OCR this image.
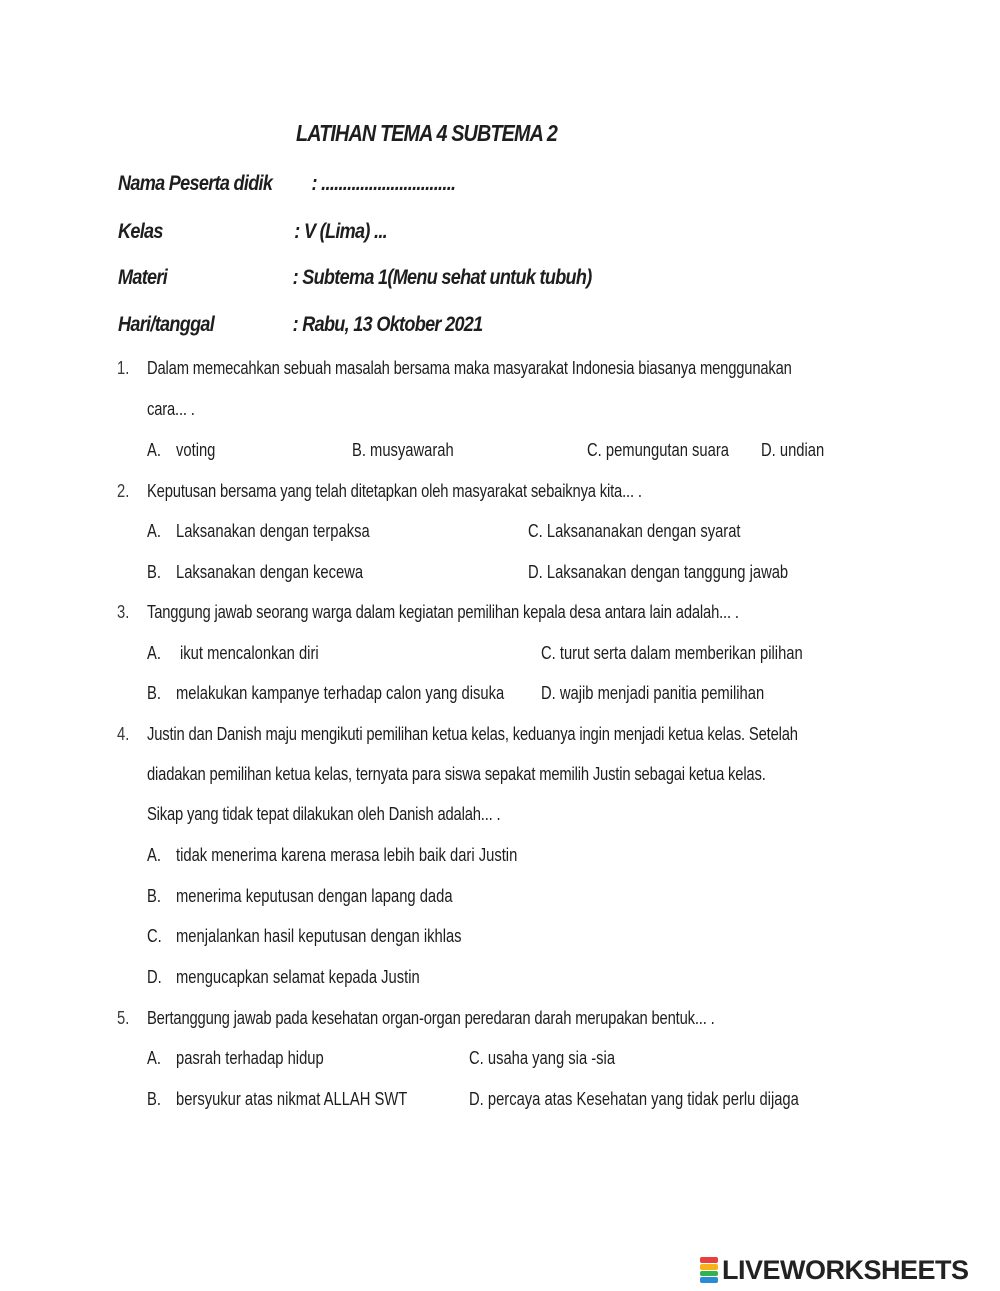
LATIHAN TEMA 4 SUBTEMA 2
Nama Peserta didik : ...............................
Kelas	: V (Lima) ...
Materi	: Subtema 1(Menu sehat untuk tubuh)
Hari/tanggal	: Rabu, 13 Oktober 2021
1. Dalam memecahkan sebuah masalah bersama maka masyarakat Indonesia biasanya menggunakan
cara... .
A. voting	B. musyawarah	C. pemungutan suara D. undian
2. Keputusan bersama yang telah ditetapkan oleh masyarakat sebaiknya kita... .
A. Laksanakan dengan terpaksa	C. Laksananakan dengan syarat
B. Laksanakan dengan kecewa	D. Laksanakan dengan tanggung jawab
3. Tanggung jawab seorang warga dalam kegiatan pemilihan kepala desa antara lain adalah... .
A. ikut mencalonkan diri	C. turut serta dalam memberikan pilihan
B. melakukan kampanye terhadap calon yang disuka D. wajib menjadi panitia pemilihan
4. Justin dan Danish maju mengikuti pemilihan ketua kelas, keduanya ingin menjadi ketua kelas. Setelah
diadakan pemilihan ketua kelas, ternyata para siswa sepakat memilih Justin sebagai ketua kelas.
Sikap yang tidak tepat dilakukan oleh Danish adalah... .
A. tidak menerima karena merasa lebih baik dari Justin
B. menerima keputusan dengan lapang dada
C. menjalankan hasil keputusan dengan ikhlas
D. mengucapkan selamat kepada Justin
5. Bertanggung jawab pada kesehatan organ-organ peredaran darah merupakan bentuk... .
A. pasrah terhadap hidup	C. usaha yang sia -sia
B. bersyukur atas nikmat ALLAH SWT	D. percaya atas Kesehatan yang tidak perlu dijaga
LIVEWORKSHEETS
